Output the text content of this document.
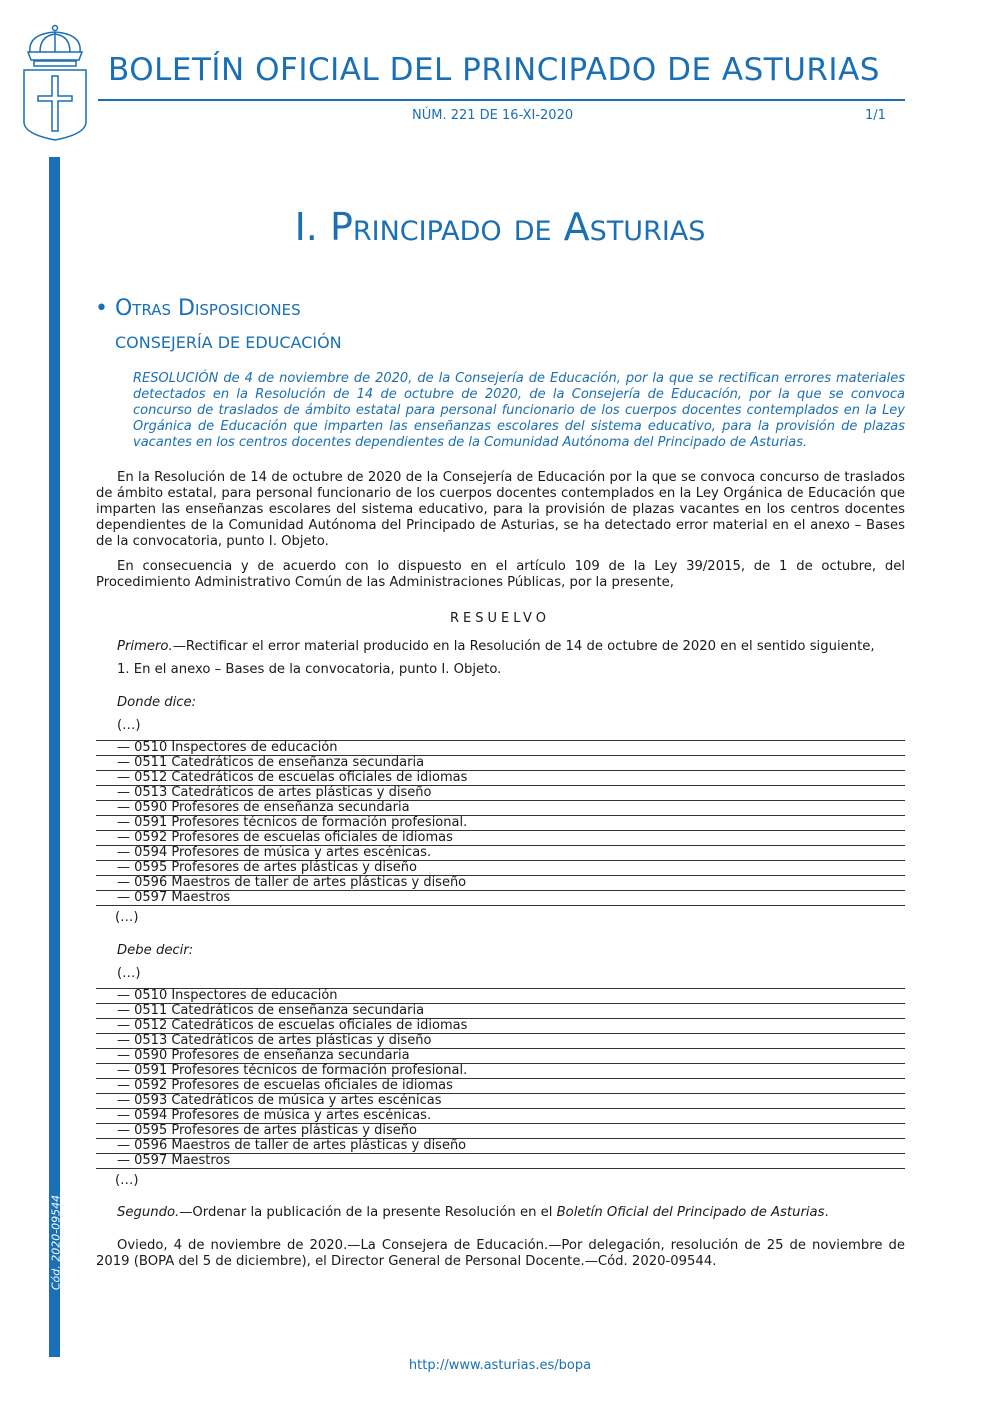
BOLETÍN OFICIAL DEL PRINCIPADO DE ASTURIAS
NÚM. 221 DE 16-XI-2020	1/1
Cód. 2020-09544
I. Principado de Asturias
• Otras Disposiciones
CONSEJERÍA DE EDUCACIÓN
RESOLUCIÓN de 4 de noviembre de 2020, de la Consejería de Educación, por la que se rectifican errores materiales detectados en la Resolución de 14 de octubre de 2020, de la Consejería de Educación, por la que se convoca concurso de traslados de ámbito estatal para personal funcionario de los cuerpos docentes contemplados en la Ley Orgánica de Educación que imparten las enseñanzas escolares del sistema educativo, para la provisión de plazas vacantes en los centros docentes dependientes de la Comunidad Autónoma del Principado de Asturias.
En la Resolución de 14 de octubre de 2020 de la Consejería de Educación por la que se convoca concurso de traslados de ámbito estatal, para personal funcionario de los cuerpos docentes contemplados en la Ley Orgánica de Educación que imparten las enseñanzas escolares del sistema educativo, para la provisión de plazas vacantes en los centros docentes dependientes de la Comunidad Autónoma del Principado de Asturias, se ha detectado error material en el anexo – Bases de la convocatoria, punto I. Objeto.
En consecuencia y de acuerdo con lo dispuesto en el artículo 109 de la Ley 39/2015, de 1 de octubre, del Procedimiento Administrativo Común de las Administraciones Públicas, por la presente,
RESUELVO
Primero.—Rectificar el error material producido en la Resolución de 14 de octubre de 2020 en el sentido siguiente,
1. En el anexo – Bases de la convocatoria, punto I. Objeto.
Donde dice:
(…)
— 0510 Inspectores de educación
— 0511 Catedráticos de enseñanza secundaria
— 0512 Catedráticos de escuelas oficiales de idiomas
— 0513 Catedráticos de artes plásticas y diseño
— 0590 Profesores de enseñanza secundaria
— 0591 Profesores técnicos de formación profesional.
— 0592 Profesores de escuelas oficiales de idiomas
— 0594 Profesores de música y artes escénicas.
— 0595 Profesores de artes plásticas y diseño
— 0596 Maestros de taller de artes plásticas y diseño
— 0597 Maestros
(…)
Debe decir:
(…)
— 0510 Inspectores de educación
— 0511 Catedráticos de enseñanza secundaria
— 0512 Catedráticos de escuelas oficiales de idiomas
— 0513 Catedráticos de artes plásticas y diseño
— 0590 Profesores de enseñanza secundaria
— 0591 Profesores técnicos de formación profesional.
— 0592 Profesores de escuelas oficiales de idiomas
— 0593 Catedráticos de música y artes escénicas
— 0594 Profesores de música y artes escénicas.
— 0595 Profesores de artes plásticas y diseño
— 0596 Maestros de taller de artes plásticas y diseño
— 0597 Maestros
(…)
Segundo.—Ordenar la publicación de la presente Resolución en el Boletín Oficial del Principado de Asturias.
Oviedo, 4 de noviembre de 2020.—La Consejera de Educación.—Por delegación, resolución de 25 de noviembre de 2019 (BOPA del 5 de diciembre), el Director General de Personal Docente.—Cód. 2020-09544.
http://www.asturias.es/bopa
